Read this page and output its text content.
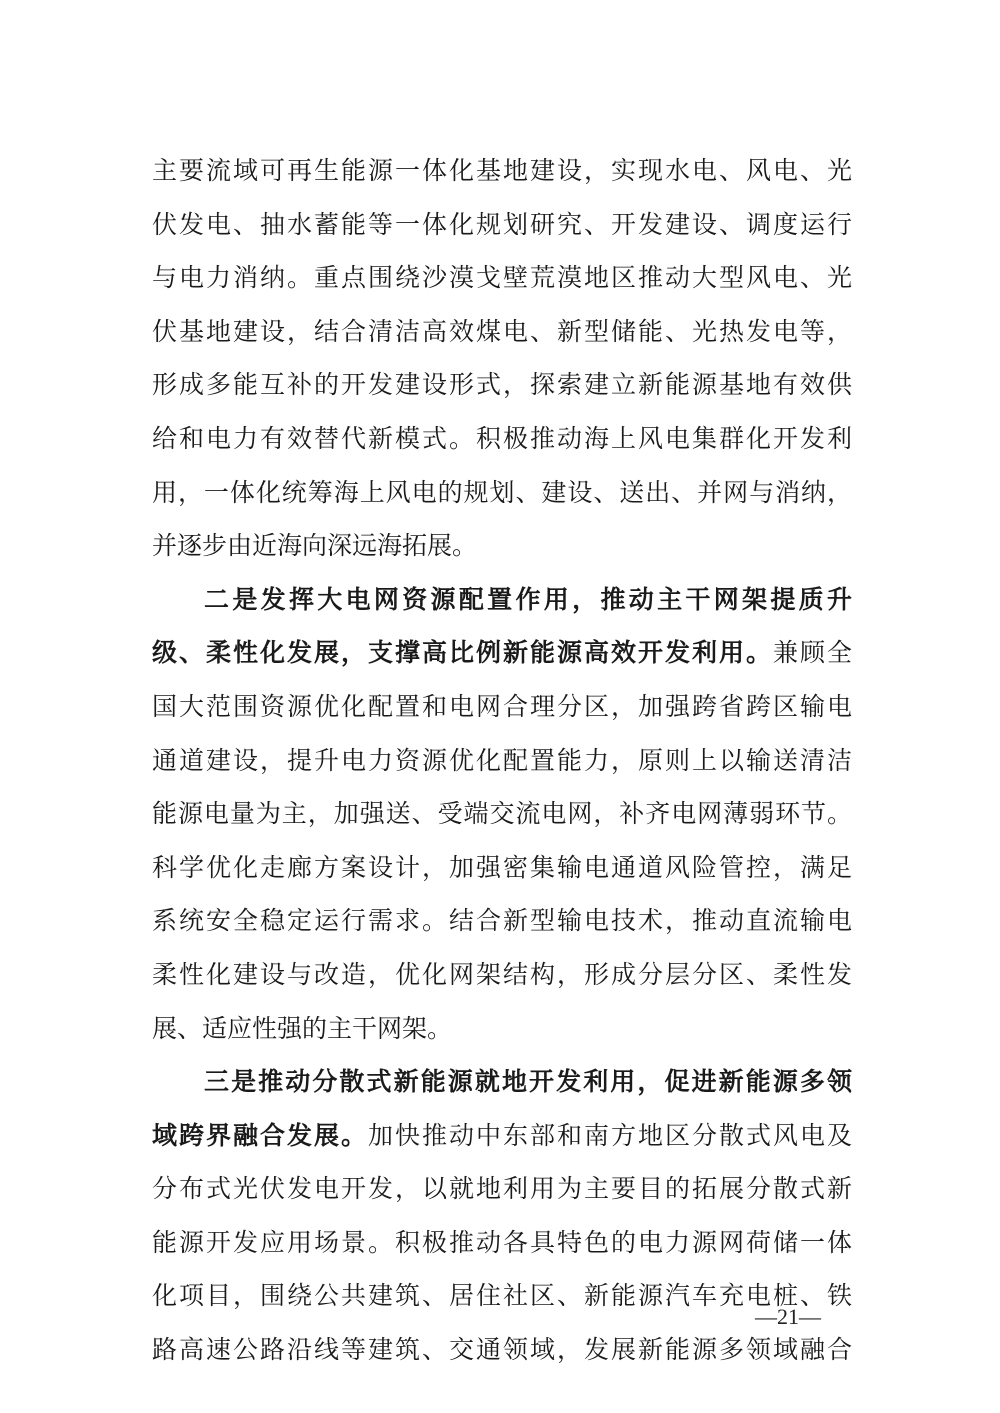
主要流域可再生能源一体化基地建设，实现水电、风电、光
伏发电、抽水蓄能等一体化规划研究、开发建设、调度运行
与电力消纳。重点围绕沙漠戈壁荒漠地区推动大型风电、光
伏基地建设，结合清洁高效煤电、新型储能、光热发电等，
形成多能互补的开发建设形式，探索建立新能源基地有效供
给和电力有效替代新模式。积极推动海上风电集群化开发利
用，一体化统筹海上风电的规划、建设、送出、并网与消纳，
并逐步由近海向深远海拓展。
二是发挥大电网资源配置作用，推动主干网架提质升
级、柔性化发展，支撑高比例新能源高效开发利用。兼顾全
国大范围资源优化配置和电网合理分区，加强跨省跨区输电
通道建设，提升电力资源优化配置能力，原则上以输送清洁
能源电量为主，加强送、受端交流电网，补齐电网薄弱环节。
科学优化走廊方案设计，加强密集输电通道风险管控，满足
系统安全稳定运行需求。结合新型输电技术，推动直流输电
柔性化建设与改造，优化网架结构，形成分层分区、柔性发
展、适应性强的主干网架。
三是推动分散式新能源就地开发利用，促进新能源多领
域跨界融合发展。加快推动中东部和南方地区分散式风电及
分布式光伏发电开发，以就地利用为主要目的拓展分散式新
能源开发应用场景。积极推动各具特色的电力源网荷储一体
化项目，围绕公共建筑、居住社区、新能源汽车充电桩、铁
路高速公路沿线等建筑、交通领域，发展新能源多领域融合
—21—
